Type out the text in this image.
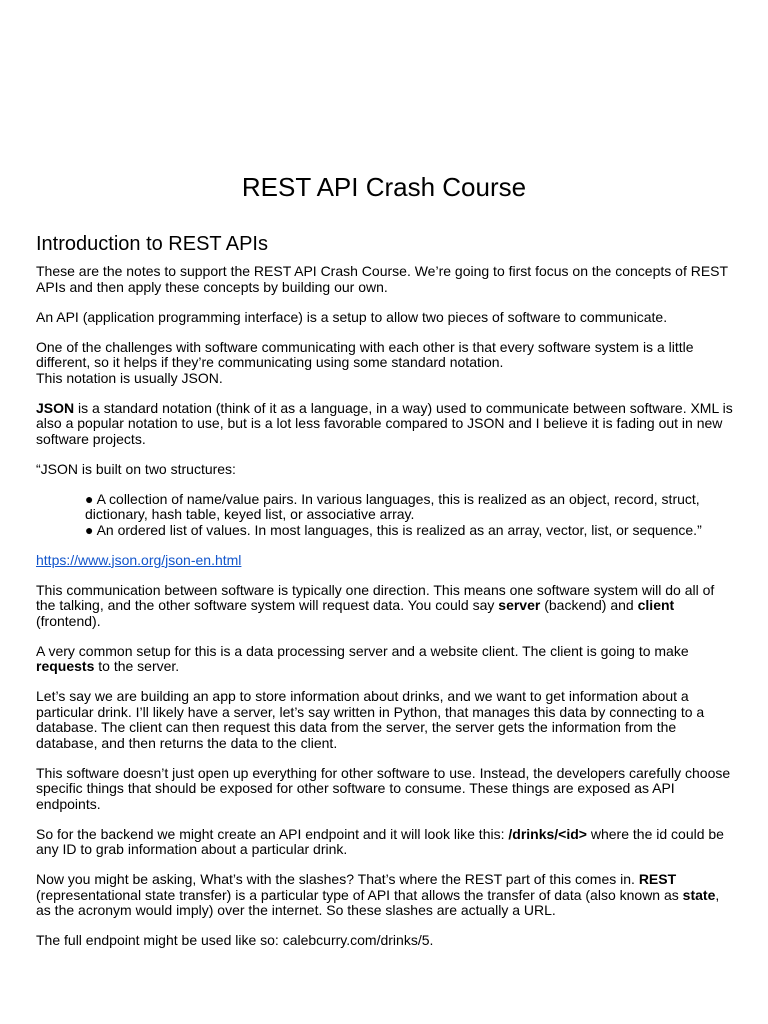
REST API Crash Course
Introduction to REST APIs

These are the notes to support the REST API Crash Course. We’re going to first focus on the concepts of REST APIs and then apply these concepts by building our own.

An API (application programming interface) is a setup to allow two pieces of software to communicate.

One of the challenges with software communicating with each other is that every software system is a little different, so it helps if they’re communicating using some standard notation.
This notation is usually JSON.

JSON is a standard notation (think of it as a language, in a way) used to communicate between software. XML is also a popular notation to use, but is a lot less favorable compared to JSON and I believe it is fading out in new software projects.

“JSON is built on two structures:

● A collection of name/value pairs. In various languages, this is realized as an object, record, struct, dictionary, hash table, keyed list, or associative array.
● An ordered list of values. In most languages, this is realized as an array, vector, list, or sequence.”

https://www.json.org/json-en.html

This communication between software is typically one direction. This means one software system will do all of the talking, and the other software system will request data. You could say server (backend) and client (frontend).

A very common setup for this is a data processing server and a website client. The client is going to make requests to the server.

Let’s say we are building an app to store information about drinks, and we want to get information about a particular drink. I’ll likely have a server, let’s say written in Python, that manages this data by connecting to a database. The client can then request this data from the server, the server gets the information from the database, and then returns the data to the client.

This software doesn’t just open up everything for other software to use. Instead, the developers carefully choose specific things that should be exposed for other software to consume. These things are exposed as API endpoints.

So for the backend we might create an API endpoint and it will look like this: /drinks/<id> where the id could be any ID to grab information about a particular drink.

Now you might be asking, What’s with the slashes? That’s where the REST part of this comes in. REST (representational state transfer) is a particular type of API that allows the transfer of data (also known as state, as the acronym would imply) over the internet. So these slashes are actually a URL.

The full endpoint might be used like so: calebcurry.com/drinks/5.
